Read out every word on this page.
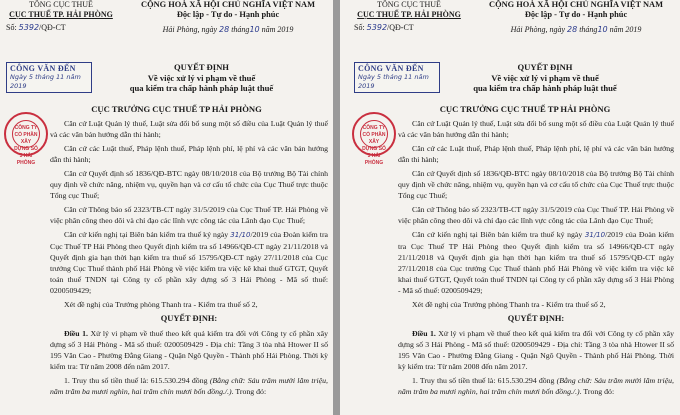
TỔNG CỤC THUẾ
CỤC THUẾ TP. HẢI PHÒNG
Số: 5392/QĐ-CT
CỘNG HOÀ XÃ HỘI CHỦ NGHĨA VIỆT NAM
Độc lập - Tự do - Hạnh phúc
Hải Phòng, ngày 28 tháng10 năm 2019
CÔNG VĂN ĐẾN
Ngày 5 tháng 11 năm 2019
QUYẾT ĐỊNH
Về việc xử lý vi phạm về thuế
qua kiểm tra chấp hành pháp luật thuế
CỤC TRƯỞNG CỤC THUẾ TP HẢI PHÒNG
CÔNG TY CỔ PHẦN XÂY DỰNG SỐ 3 HẢI PHÒNG

Căn cứ Luật Quản lý thuế, Luật sửa đổi bổ sung một số điều của Luật Quản lý thuế và các văn bản hướng dẫn thi hành;

Căn cứ các Luật thuế, Pháp lệnh thuế, Pháp lệnh phí, lệ phí và các văn bản hướng dẫn thi hành;

Căn cứ Quyết định số 1836/QĐ-BTC ngày 08/10/2018 của Bộ trưởng Bộ Tài chính quy định về chức năng, nhiệm vụ, quyền hạn và cơ cấu tổ chức của Cục Thuế trực thuộc Tổng cục Thuế;

Căn cứ Thông báo số 2323/TB-CT ngày 31/5/2019 của Cục Thuế TP. Hải Phòng về việc phân công theo dõi và chỉ đạo các lĩnh vực công tác của Lãnh đạo Cục Thuế;

Căn cứ kiến nghị tại Biên bản kiểm tra thuế ký ngày 31/10/2019 của Đoàn kiểm tra Cục Thuế TP Hải Phòng theo Quyết định kiểm tra số 14966/QĐ-CT ngày 21/11/2018 và Quyết định gia hạn thời hạn kiểm tra thuế số 15795/QĐ-CT ngày 27/11/2018 của Cục trưởng Cục Thuế thành phố Hải Phòng về việc kiểm tra việc kê khai thuế GTGT, Quyết toán thuế TNDN tại Công ty cổ phần xây dựng số 3 Hải Phòng - Mã số thuế: 0200509429;

Xét đề nghị của Trưởng phòng Thanh tra - Kiểm tra thuế số 2,

QUYẾT ĐỊNH:

Điều 1. Xử lý vi phạm về thuế theo kết quả kiểm tra đối với Công ty cổ phần xây dựng số 3 Hải Phòng - Mã số thuế: 0200509429 - Địa chỉ: Tầng 3 tòa nhà Htower II số 195 Văn Cao - Phường Đằng Giang - Quận Ngô Quyền - Thành phố Hải Phòng. Thời kỳ kiểm tra: Từ năm 2008 đến năm 2017.

1. Truy thu số tiền thuế là: 615.530.294 đồng (Bằng chữ: Sáu trăm mười lăm triệu, năm trăm ba mươi nghìn, hai trăm chín mươi bốn đồng./.). Trong đó:

TỔNG CỤC THUẾ
CỤC THUẾ TP. HẢI PHÒNG
Số: 5392/QĐ-CT
CỘNG HOÀ XÃ HỘI CHỦ NGHĨA VIỆT NAM
Độc lập - Tự do - Hạnh phúc
Hải Phòng, ngày 28 tháng10 năm 2019
CÔNG VĂN ĐẾN
Ngày 5 tháng 11 năm 2019
QUYẾT ĐỊNH
Về việc xử lý vi phạm về thuế
qua kiểm tra chấp hành pháp luật thuế
CỤC TRƯỞNG CỤC THUẾ TP HẢI PHÒNG
CÔNG TY CỔ PHẦN XÂY DỰNG SỐ 3 HẢI PHÒNG

Căn cứ Luật Quản lý thuế, Luật sửa đổi bổ sung một số điều của Luật Quản lý thuế và các văn bản hướng dẫn thi hành;

Căn cứ các Luật thuế, Pháp lệnh thuế, Pháp lệnh phí, lệ phí và các văn bản hướng dẫn thi hành;

Căn cứ Quyết định số 1836/QĐ-BTC ngày 08/10/2018 của Bộ trưởng Bộ Tài chính quy định về chức năng, nhiệm vụ, quyền hạn và cơ cấu tổ chức của Cục Thuế trực thuộc Tổng cục Thuế;

Căn cứ Thông báo số 2323/TB-CT ngày 31/5/2019 của Cục Thuế TP. Hải Phòng về việc phân công theo dõi và chỉ đạo các lĩnh vực công tác của Lãnh đạo Cục Thuế;

Căn cứ kiến nghị tại Biên bản kiểm tra thuế ký ngày 31/10/2019 của Đoàn kiểm tra Cục Thuế TP Hải Phòng theo Quyết định kiểm tra số 14966/QĐ-CT ngày 21/11/2018 và Quyết định gia hạn thời hạn kiểm tra thuế số 15795/QĐ-CT ngày 27/11/2018 của Cục trưởng Cục Thuế thành phố Hải Phòng về việc kiểm tra việc kê khai thuế GTGT, Quyết toán thuế TNDN tại Công ty cổ phần xây dựng số 3 Hải Phòng - Mã số thuế: 0200509429;

Xét đề nghị của Trưởng phòng Thanh tra - Kiểm tra thuế số 2,

QUYẾT ĐỊNH:

Điều 1. Xử lý vi phạm về thuế theo kết quả kiểm tra đối với Công ty cổ phần xây dựng số 3 Hải Phòng - Mã số thuế: 0200509429 - Địa chỉ: Tầng 3 tòa nhà Htower II số 195 Văn Cao - Phường Đằng Giang - Quận Ngô Quyền - Thành phố Hải Phòng. Thời kỳ kiểm tra: Từ năm 2008 đến năm 2017.

1. Truy thu số tiền thuế là: 615.530.294 đồng (Bằng chữ: Sáu trăm mười lăm triệu, năm trăm ba mươi nghìn, hai trăm chín mươi bốn đồng./.). Trong đó:
